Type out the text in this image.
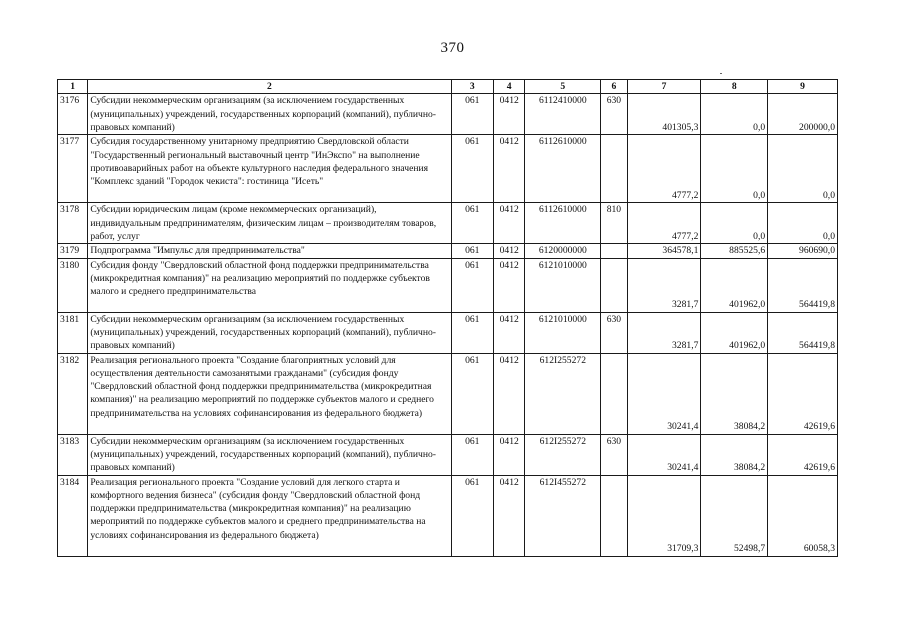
370
1	2	3	4	5	6	7	8	9
3176	Субсидии некоммерческим организациям (за исключением государственных (муниципальных) учреждений, государственных корпораций (компаний), публично-правовых компаний)	061	0412	6112410000	630	401305,3	0,0	200000,0
3177	Субсидия государственному унитарному предприятию Свердловской области "Государственный региональный выставочный центр "ИнЭкспо" на выполнение противоаварийных работ на объекте культурного наследия федерального значения "Комплекс зданий "Городок чекиста": гостиница "Исеть"	061	0412	6112610000		4777,2	0,0	0,0
3178	Субсидии юридическим лицам (кроме некоммерческих организаций), индивидуальным предпринимателям, физическим лицам – производителям товаров, работ, услуг	061	0412	6112610000	810	4777,2	0,0	0,0
3179	Подпрограмма "Импульс для предпринимательства"	061	0412	6120000000		364578,1	885525,6	960690,0
3180	Субсидия фонду "Свердловский областной фонд поддержки предпринимательства (микрокредитная компания)" на реализацию мероприятий по поддержке субъектов малого и среднего предпринимательства	061	0412	6121010000		3281,7	401962,0	564419,8
3181	Субсидии некоммерческим организациям (за исключением государственных (муниципальных) учреждений, государственных корпораций (компаний), публично-правовых компаний)	061	0412	6121010000	630	3281,7	401962,0	564419,8
3182	Реализация регионального проекта "Создание благоприятных условий для осуществления деятельности самозанятыми гражданами" (субсидия фонду "Свердловский областной фонд поддержки предпринимательства (микрокредитная компания)" на реализацию мероприятий по поддержке субъектов малого и среднего предпринимательства на условиях софинансирования из федерального бюджета)	061	0412	612I255272		30241,4	38084,2	42619,6
3183	Субсидии некоммерческим организациям (за исключением государственных (муниципальных) учреждений, государственных корпораций (компаний), публично-правовых компаний)	061	0412	612I255272	630	30241,4	38084,2	42619,6
3184	Реализация регионального проекта "Создание условий для легкого старта и комфортного ведения бизнеса" (субсидия фонду "Свердловский областной фонд поддержки предпринимательства (микрокредитная компания)" на реализацию мероприятий по поддержке субъектов малого и среднего предпринимательства на условиях софинансирования из федерального бюджета)	061	0412	612I455272		31709,3	52498,7	60058,3
